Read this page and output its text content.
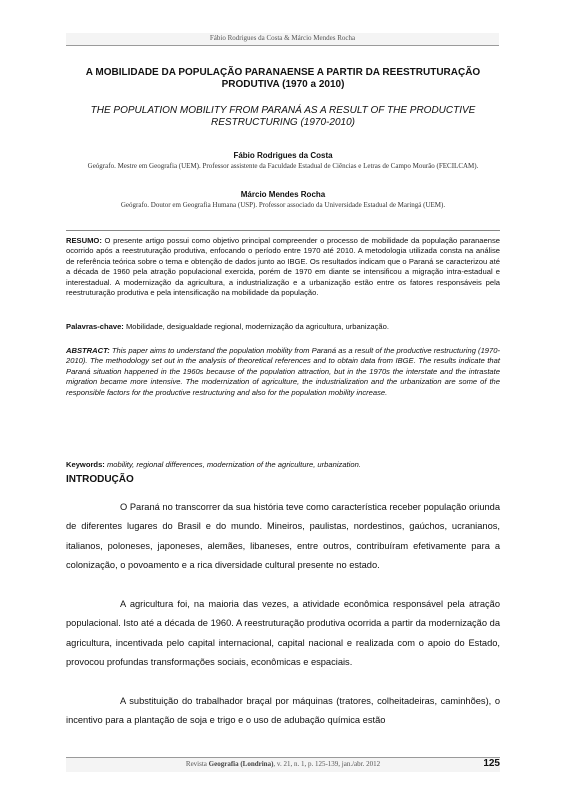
Fábio Rodrigues da Costa & Márcio Mendes Rocha
A MOBILIDADE DA POPULAÇÃO PARANAENSE A PARTIR DA REESTRUTURAÇÃO PRODUTIVA (1970 a 2010)
THE POPULATION MOBILITY FROM PARANÁ AS A RESULT OF THE PRODUCTIVE RESTRUCTURING (1970-2010)
Fábio Rodrigues da Costa
Geógrafo. Mestre em Geografia (UEM). Professor assistente da Faculdade Estadual de Ciências e Letras de Campo Mourão (FECILCAM).
Márcio Mendes Rocha
Geógrafo. Doutor em Geografia Humana (USP). Professor associado da Universidade Estadual de Maringá (UEM).
RESUMO: O presente artigo possui como objetivo principal compreender o processo de mobilidade da população paranaense ocorrido após a reestruturação produtiva, enfocando o período entre 1970 até 2010. A metodologia utilizada consta na análise de referência teórica sobre o tema e obtenção de dados junto ao IBGE. Os resultados indicam que o Paraná se caracterizou até a década de 1960 pela atração populacional exercida, porém de 1970 em diante se intensificou a migração intra-estadual e interestadual. A modernização da agricultura, a industrialização e a urbanização estão entre os fatores responsáveis pela reestruturação produtiva e pela intensificação na mobilidade da população.
Palavras-chave: Mobilidade, desigualdade regional, modernização da agricultura, urbanização.
ABSTRACT: This paper aims to understand the population mobility from Paraná as a result of the productive restructuring (1970-2010). The methodology set out in the analysis of theoretical references and to obtain data from IBGE. The results indicate that Paraná situation happened in the 1960s because of the population attraction, but in the 1970s the interstate and the intrastate migration became more intensive. The modernization of agriculture, the industrialization and the urbanization are some of the responsible factors for the productive restructuring and also for the population mobility increase.
Keywords: mobility, regional differences, modernization of the agriculture, urbanization.
INTRODUÇÃO

O Paraná no transcorrer da sua história teve como característica receber população oriunda de diferentes lugares do Brasil e do mundo. Mineiros, paulistas, nordestinos, gaúchos, ucranianos, italianos, poloneses, japoneses, alemães, libaneses, entre outros, contribuíram efetivamente para a colonização, o povoamento e a rica diversidade cultural presente no estado.

A agricultura foi, na maioria das vezes, a atividade econômica responsável pela atração populacional. Isto até a década de 1960. A reestruturação produtiva ocorrida a partir da modernização da agricultura, incentivada pelo capital internacional, capital nacional e realizada com o apoio do Estado, provocou profundas transformações sociais, econômicas e espaciais.

A substituição do trabalhador braçal por máquinas (tratores, colheitadeiras, caminhões), o incentivo para a plantação de soja e trigo e o uso de adubação química estão

Revista Geografia (Londrina), v. 21, n. 1, p. 125-139, jan./abr. 2012	125
